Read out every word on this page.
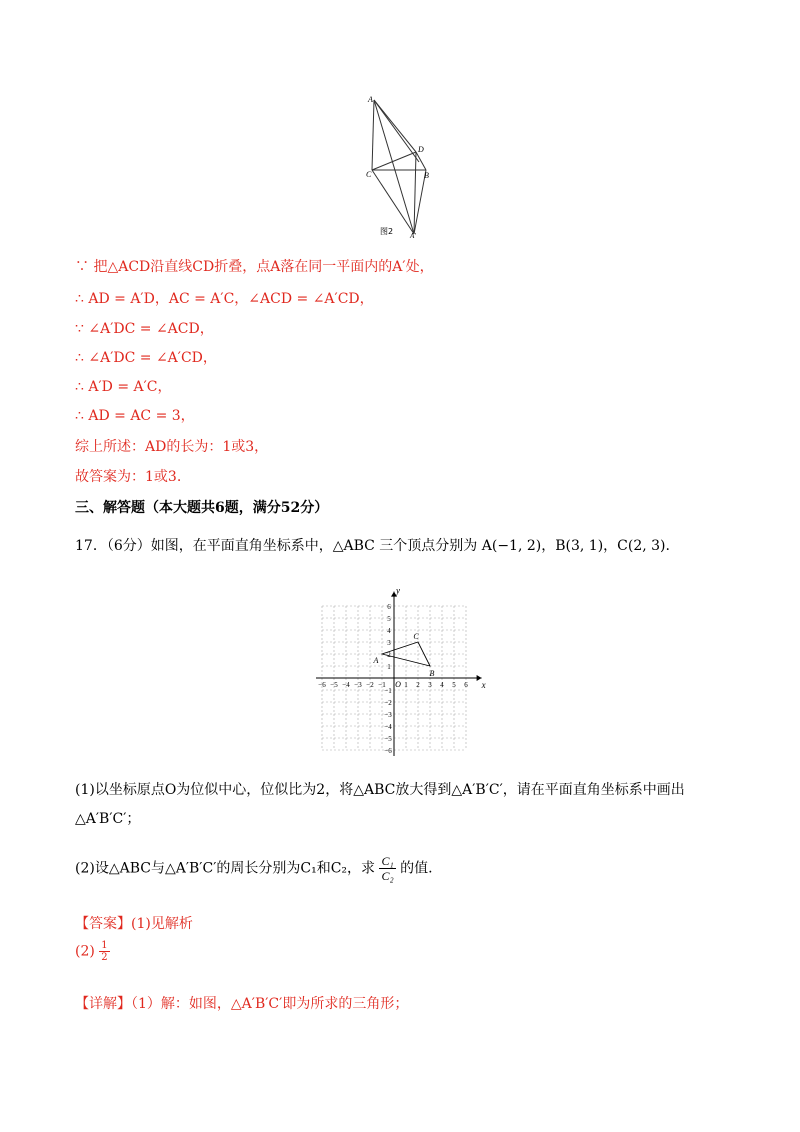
A
D
C	B
图2 A′
∵ 把△ACD沿直线CD折叠，点A落在同一平面内的A′处，
∴ AD = A′D，AC = A′C，∠ACD = ∠A′CD，
∵ ∠A′DC = ∠ACD，
∴ ∠A′DC = ∠A′CD，
∴ A′D = A′C，
∴ AD = AC = 3，
综上所述：AD的长为：1或3，
故答案为：1或3.
三、解答题（本大题共6题，满分52分）
17．（6分）如图，在平面直角坐标系中，△ABC 三个顶点分别为 A(−1, 2)，B(3, 1)，C(2, 3).
−6 −5 −4 −3 −2 −1	1 2 3 4 5 6
1
2
3
4
5
6
−1
−2
−3
−4
−5
−6
O	x
y
A
B
C
(1)以坐标原点O为位似中心，位似比为2，将△ABC放大得到△A′B′C′，请在平面直角坐标系中画出
△A′B′C′；
(2)设△ABC与△A′B′C′的周长分别为C₁和C₂，求 $\frac{\text{C₁}}{\text{C₂}}$ 的值.
【答案】(1)见解析
$(2) \frac{1}{2}$
【详解】（1）解：如图，△A′B′C′即为所求的三角形；
